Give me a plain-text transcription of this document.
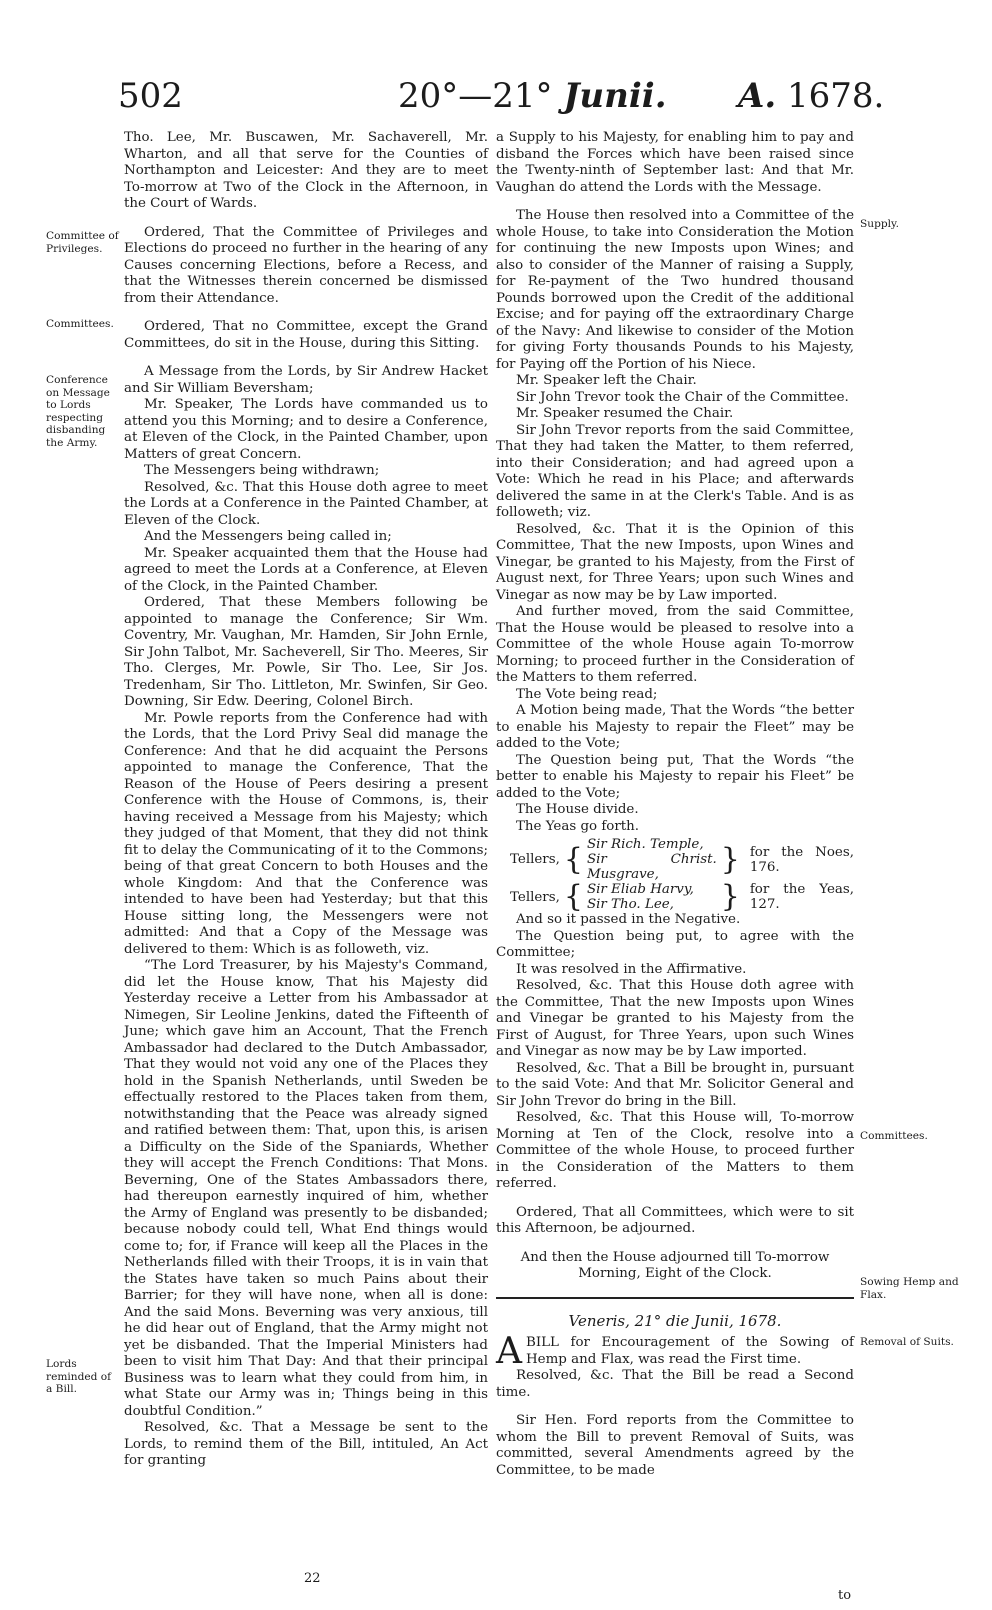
502	20°—21° Junii. A. 1678.
Committee of Privileges.
Committees.
Conference on Message to Lords respecting disbanding the Army.
Lords reminded of a Bill.
Supply.
Committees.
Sowing Hemp and Flax.
Removal of Suits.

Tho. Lee, Mr. Buscawen, Mr. Sachaverell, Mr. Wharton, and all that serve for the Counties of Northampton and Leicester: And they are to meet To-morrow at Two of the Clock in the Afternoon, in the Court of Wards.

Ordered, That the Committee of Privileges and Elections do proceed no further in the hearing of any Causes concerning Elections, before a Recess, and that the Witnesses therein concerned be dismissed from their Attendance.

Ordered, That no Committee, except the Grand Committees, do sit in the House, during this Sitting.

A Message from the Lords, by Sir Andrew Hacket and Sir William Beversham;

Mr. Speaker, The Lords have commanded us to attend you this Morning; and to desire a Conference, at Eleven of the Clock, in the Painted Chamber, upon Matters of great Concern.

The Messengers being withdrawn;

Resolved, &c. That this House doth agree to meet the Lords at a Conference in the Painted Chamber, at Eleven of the Clock.

And the Messengers being called in;

Mr. Speaker acquainted them that the House had agreed to meet the Lords at a Conference, at Eleven of the Clock, in the Painted Chamber.

Ordered, That these Members following be appointed to manage the Conference; Sir Wm. Coventry, Mr. Vaughan, Mr. Hamden, Sir John Ernle, Sir John Talbot, Mr. Sacheverell, Sir Tho. Meeres, Sir Tho. Clerges, Mr. Powle, Sir Tho. Lee, Sir Jos. Tredenham, Sir Tho. Littleton, Mr. Swinfen, Sir Geo. Downing, Sir Edw. Deering, Colonel Birch.

Mr. Powle reports from the Conference had with the Lords, that the Lord Privy Seal did manage the Conference: And that he did acquaint the Persons appointed to manage the Conference, That the Reason of the House of Peers desiring a present Conference with the House of Commons, is, their having received a Message from his Majesty; which they judged of that Moment, that they did not think fit to delay the Communicating of it to the Commons; being of that great Concern to both Houses and the whole Kingdom: And that the Conference was intended to have been had Yesterday; but that this House sitting long, the Messengers were not admitted: And that a Copy of the Message was delivered to them: Which is as followeth, viz.

“The Lord Treasurer, by his Majesty's Command, did let the House know, That his Majesty did Yesterday receive a Letter from his Ambassador at Nimegen, Sir Leoline Jenkins, dated the Fifteenth of June; which gave him an Account, That the French Ambassador had declared to the Dutch Ambassador, That they would not void any one of the Places they hold in the Spanish Netherlands, until Sweden be effectually restored to the Places taken from them, notwithstanding that the Peace was already signed and ratified between them: That, upon this, is arisen a Difficulty on the Side of the Spaniards, Whether they will accept the French Conditions: That Mons. Beverning, One of the States Ambassadors there, had thereupon earnestly inquired of him, whether the Army of England was presently to be disbanded; because nobody could tell, What End things would come to; for, if France will keep all the Places in the Netherlands filled with their Troops, it is in vain that the States have taken so much Pains about their Barrier; for they will have none, when all is done: And the said Mons. Beverning was very anxious, till he did hear out of England, that the Army might not yet be disbanded. That the Imperial Ministers had been to visit him That Day: And that their principal Business was to learn what they could from him, in what State our Army was in; Things being in this doubtful Condition.”

Resolved, &c. That a Message be sent to the Lords, to remind them of the Bill, intituled, An Act for granting

22

a Supply to his Majesty, for enabling him to pay and disband the Forces which have been raised since the Twenty-ninth of September last: And that Mr. Vaughan do attend the Lords with the Message.

The House then resolved into a Committee of the whole House, to take into Consideration the Motion for continuing the new Imposts upon Wines; and also to consider of the Manner of raising a Supply, for Re-payment of the Two hundred thousand Pounds borrowed upon the Credit of the additional Excise; and for paying off the extraordinary Charge of the Navy: And likewise to consider of the Motion for giving Forty thousands Pounds to his Majesty, for Paying off the Portion of his Niece.

Mr. Speaker left the Chair.

Sir John Trevor took the Chair of the Committee.

Mr. Speaker resumed the Chair.

Sir John Trevor reports from the said Committee, That they had taken the Matter, to them referred, into their Consideration; and had agreed upon a Vote: Which he read in his Place; and afterwards delivered the same in at the Clerk's Table. And is as followeth; viz.

Resolved, &c. That it is the Opinion of this Committee, That the new Imposts, upon Wines and Vinegar, be granted to his Majesty, from the First of August next, for Three Years; upon such Wines and Vinegar as now may be by Law imported.

And further moved, from the said Committee, That the House would be pleased to resolve into a Committee of the whole House again To-morrow Morning; to proceed further in the Consideration of the Matters to them referred.

The Vote being read;

A Motion being made, That the Words “the better to enable his Majesty to repair the Fleet” may be added to the Vote;

The Question being put, That the Words “the better to enable his Majesty to repair his Fleet” be added to the Vote;

The House divide.

The Yeas go forth.

Tellers,	{	Sir Rich. Temple,
Sir Christ. Musgrave,	}	for the Noes, 176.
Tellers,	{	Sir Eliab Harvy,
Sir Tho. Lee,	}	for the Yeas, 127.

And so it passed in the Negative.

The Question being put, to agree with the Committee;

It was resolved in the Affirmative.

Resolved, &c. That this House doth agree with the Committee, That the new Imposts upon Wines and Vinegar be granted to his Majesty from the First of August, for Three Years, upon such Wines and Vinegar as now may be by Law imported.

Resolved, &c. That a Bill be brought in, pursuant to the said Vote: And that Mr. Solicitor General and Sir John Trevor do bring in the Bill.

Resolved, &c. That this House will, To-morrow Morning at Ten of the Clock, resolve into a Committee of the whole House, to proceed further in the Consideration of the Matters to them referred.

Ordered, That all Committees, which were to sit this Afternoon, be adjourned.

And then the House adjourned till To-morrow Morning, Eight of the Clock.

Veneris, 21° die Junii, 1678.

ABILL for Encouragement of the Sowing of Hemp and Flax, was read the First time.

Resolved, &c. That the Bill be read a Second time.

Sir Hen. Ford reports from the Committee to whom the Bill to prevent Removal of Suits, was committed, several Amendments agreed by the Committee, to be made

to
